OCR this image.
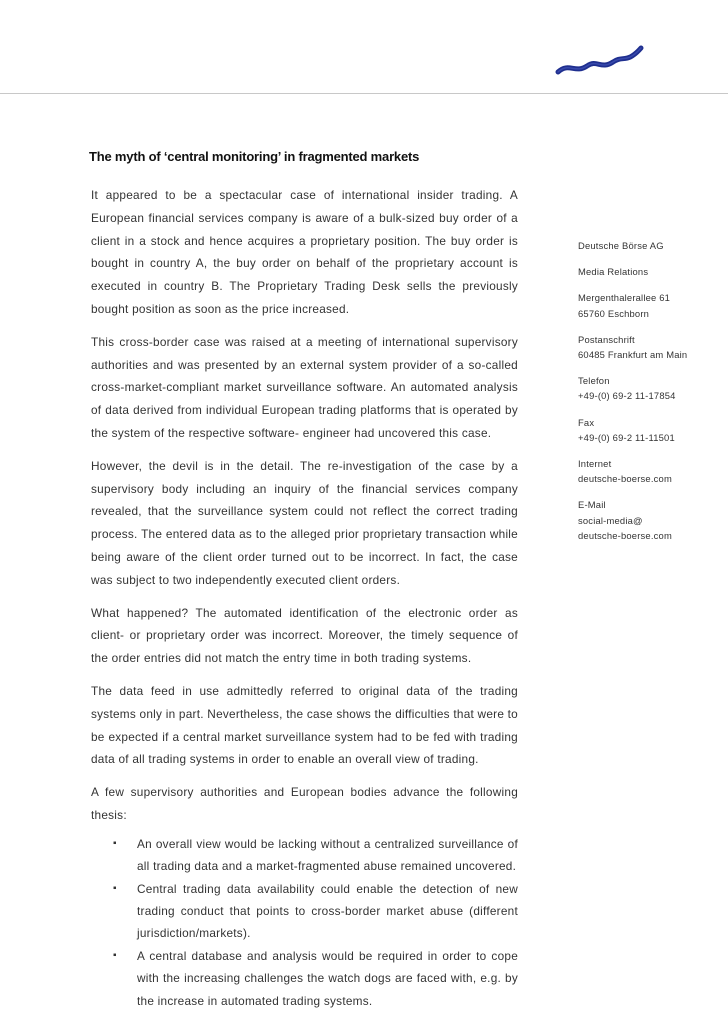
The myth of ‘central monitoring’ in fragmented markets

It appeared to be a spectacular case of international insider trading. A European financial services company is aware of a bulk-sized buy order of a client in a stock and hence acquires a proprietary position. The buy order is bought in country A, the buy order on behalf of the proprietary account is executed in country B. The Proprietary Trading Desk sells the previously bought position as soon as the price increased.

This cross-border case was raised at a meeting of international supervisory authorities and was presented by an external system provider of a so-called cross-market-compliant market surveillance software. An automated analysis of data derived from individual European trading platforms that is operated by the system of the respective software- engineer had uncovered this case.

However, the devil is in the detail. The re-investigation of the case by a supervisory body including an inquiry of the financial services company revealed, that the surveillance system could not reflect the correct trading process. The entered data as to the alleged prior proprietary transaction while being aware of the client order turned out to be incorrect. In fact, the case was subject to two independently executed client orders.

What happened? The automated identification of the electronic order as client- or proprietary order was incorrect. Moreover, the timely sequence of the order entries did not match the entry time in both trading systems.

The data feed in use admittedly referred to original data of the trading systems only in part. Nevertheless, the case shows the difficulties that were to be expected if a central market surveillance system had to be fed with trading data of all trading systems in order to enable an overall view of trading.

A few supervisory authorities and European bodies advance the following thesis:

▪ An overall view would be lacking without a centralized surveillance of all trading data and a market-fragmented abuse remained uncovered.
▪ Central trading data availability could enable the detection of new trading conduct that points to cross-border market abuse (different jurisdiction/markets).
▪ A central database and analysis would be required in order to cope with the increasing challenges the watch dogs are faced with, e.g. by the increase in automated trading systems.
Deutsche Börse AG
Media Relations
Mergenthalerallee 61
65760 Eschborn
Postanschrift
60485 Frankfurt am Main
Telefon
+49-(0) 69-2 11-17854
Fax
+49-(0) 69-2 11-11501
Internet
deutsche-boerse.com
E-Mail
social-media@
deutsche-boerse.com
